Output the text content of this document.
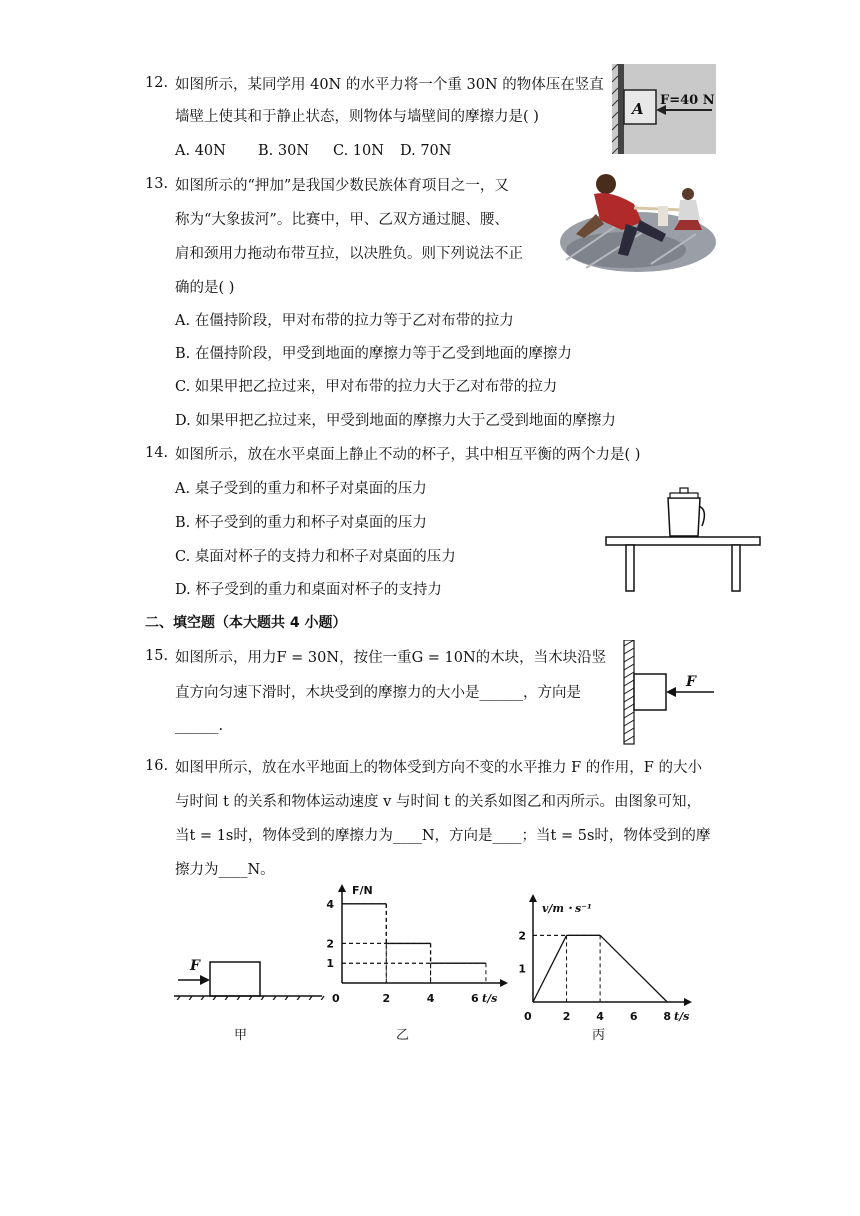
12. 如图所示，某同学用 40N 的水平力将一个重 30N 的物体压在竖直
墙壁上使其和于静止状态，则物体与墙壁间的摩擦力是( )
A. 40N B. 30N C. 10N D. 70N
A F=40 N
13. 如图所示的“押加”是我国少数民族体育项目之一，又
称为“大象拔河”。比赛中，甲、乙双方通过腿、腰、
肩和颈用力拖动布带互拉，以决胜负。则下列说法不正
确的是( )
A. 在僵持阶段，甲对布带的拉力等于乙对布带的拉力
B. 在僵持阶段，甲受到地面的摩擦力等于乙受到地面的摩擦力
C. 如果甲把乙拉过来，甲对布带的拉力大于乙对布带的拉力
D. 如果甲把乙拉过来，甲受到地面的摩擦力大于乙受到地面的摩擦力
14. 如图所示，放在水平桌面上静止不动的杯子，其中相互平衡的两个力是( )
A. 桌子受到的重力和杯子对桌面的压力
B. 杯子受到的重力和杯子对桌面的压力
C. 桌面对杯子的支持力和杯子对桌面的压力
D. 杯子受到的重力和桌面对杯子的支持力
二、填空题（本大题共 4 小题）
15. 如图所示，用力F = 30N，按住一重G = 10N的木块，当木块沿竖
直方向匀速下滑时，木块受到的摩擦力的大小是______，方向是
______.
F
16. 如图甲所示，放在水平地面上的物体受到方向不变的水平推力 F 的作用，F 的大小
与时间 t 的关系和物体运动速度 v 与时间 t 的关系如图乙和丙所示。由图象可知，
当t = 1s时，物体受到的摩擦力为____N，方向是____；当t = 5s时，物体受到的摩
擦力为____N。
F
甲
F/N
t/s
0	2	4	6
4
2
1
乙
v/m・s⁻¹
t/s
0	2 4 6 8
2
1
丙
